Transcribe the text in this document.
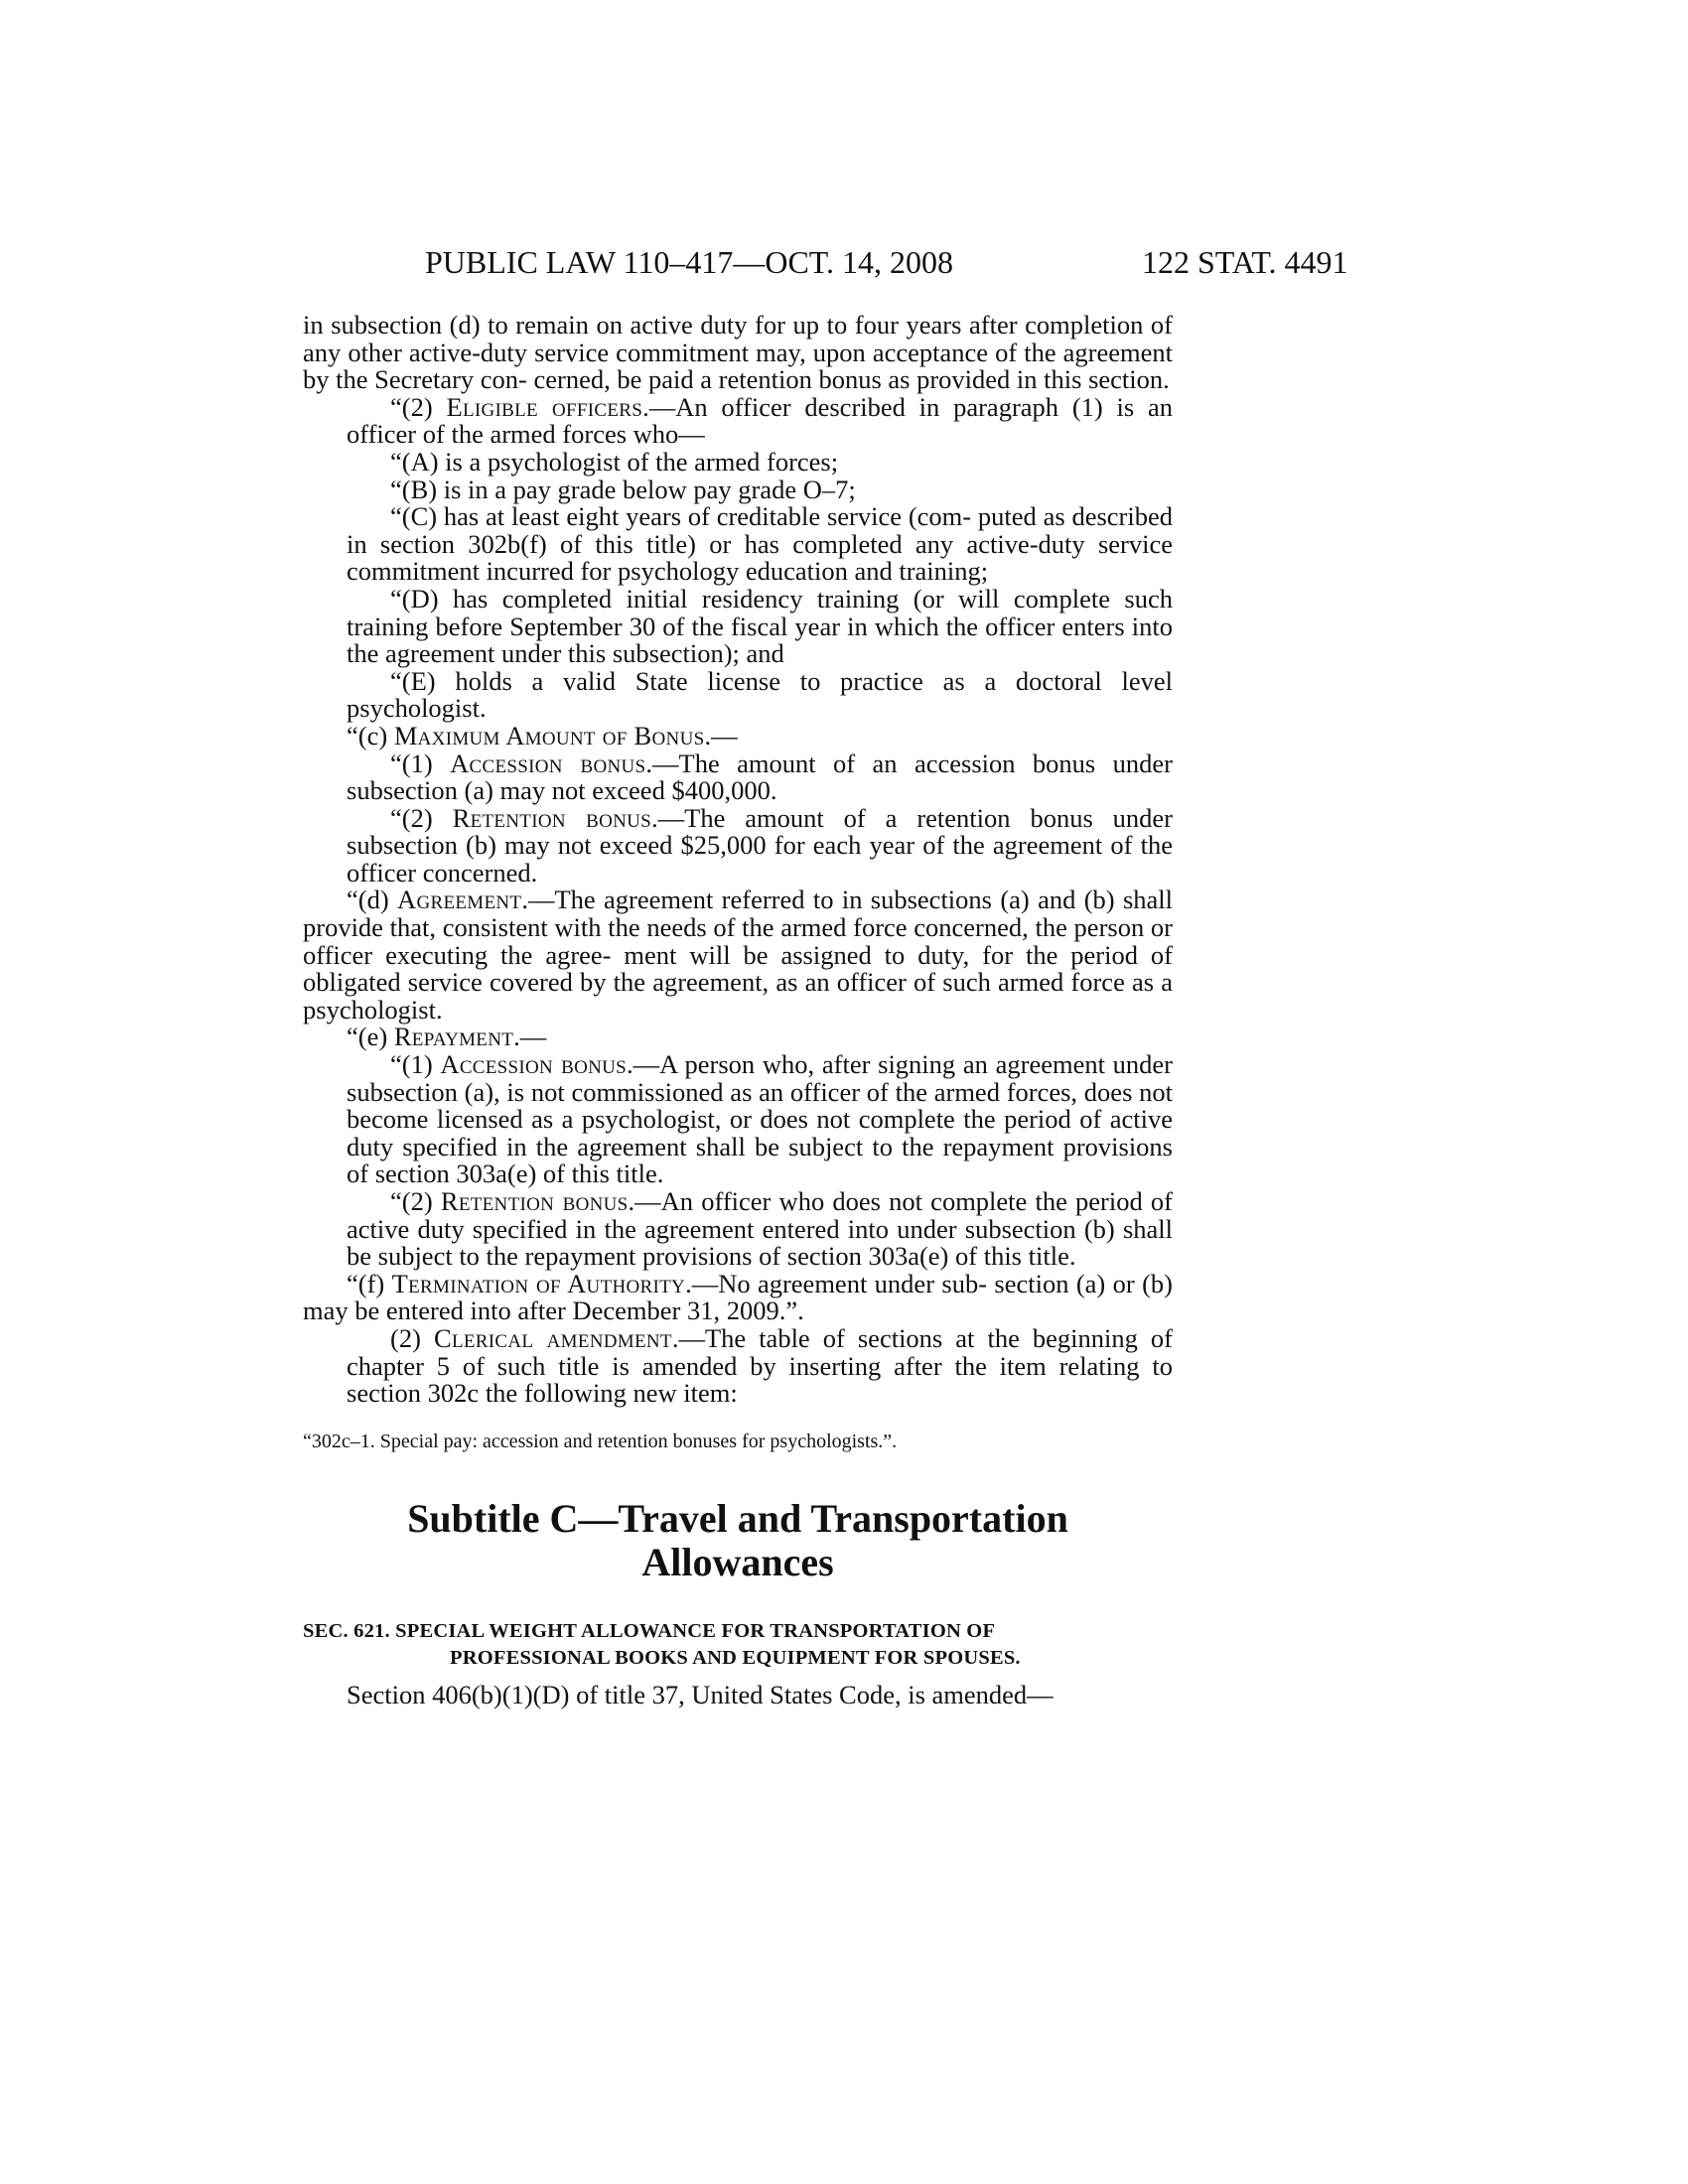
PUBLIC LAW 110–417—OCT. 14, 2008	122 STAT. 4491

in subsection (d) to remain on active duty for up to four years after completion of any other active-duty service commitment may, upon acceptance of the agreement by the Secretary con- cerned, be paid a retention bonus as provided in this section.

“(2) Eligible officers.—An officer described in paragraph (1) is an officer of the armed forces who—

“(A) is a psychologist of the armed forces;

“(B) is in a pay grade below pay grade O–7;

“(C) has at least eight years of creditable service (com- puted as described in section 302b(f) of this title) or has completed any active-duty service commitment incurred for psychology education and training;

“(D) has completed initial residency training (or will complete such training before September 30 of the fiscal year in which the officer enters into the agreement under this subsection); and

“(E) holds a valid State license to practice as a doctoral level psychologist.

“(c) Maximum Amount of Bonus.—

“(1) Accession bonus.—The amount of an accession bonus under subsection (a) may not exceed $400,000.

“(2) Retention bonus.—The amount of a retention bonus under subsection (b) may not exceed $25,000 for each year of the agreement of the officer concerned.

“(d) Agreement.—The agreement referred to in subsections (a) and (b) shall provide that, consistent with the needs of the armed force concerned, the person or officer executing the agree- ment will be assigned to duty, for the period of obligated service covered by the agreement, as an officer of such armed force as a psychologist.

“(e) Repayment.—

“(1) Accession bonus.—A person who, after signing an agreement under subsection (a), is not commissioned as an officer of the armed forces, does not become licensed as a psychologist, or does not complete the period of active duty specified in the agreement shall be subject to the repayment provisions of section 303a(e) of this title.

“(2) Retention bonus.—An officer who does not complete the period of active duty specified in the agreement entered into under subsection (b) shall be subject to the repayment provisions of section 303a(e) of this title.

“(f) Termination of Authority.—No agreement under sub- section (a) or (b) may be entered into after December 31, 2009.”.

(2) Clerical amendment.—The table of sections at the beginning of chapter 5 of such title is amended by inserting after the item relating to section 302c the following new item:

“302c–1. Special pay: accession and retention bonuses for psychologists.”.

Subtitle C—Travel and Transportation
Allowances
SEC. 621. SPECIAL WEIGHT ALLOWANCE FOR TRANSPORTATION OF
PROFESSIONAL BOOKS AND EQUIPMENT FOR SPOUSES.

Section 406(b)(1)(D) of title 37, United States Code, is amended—
